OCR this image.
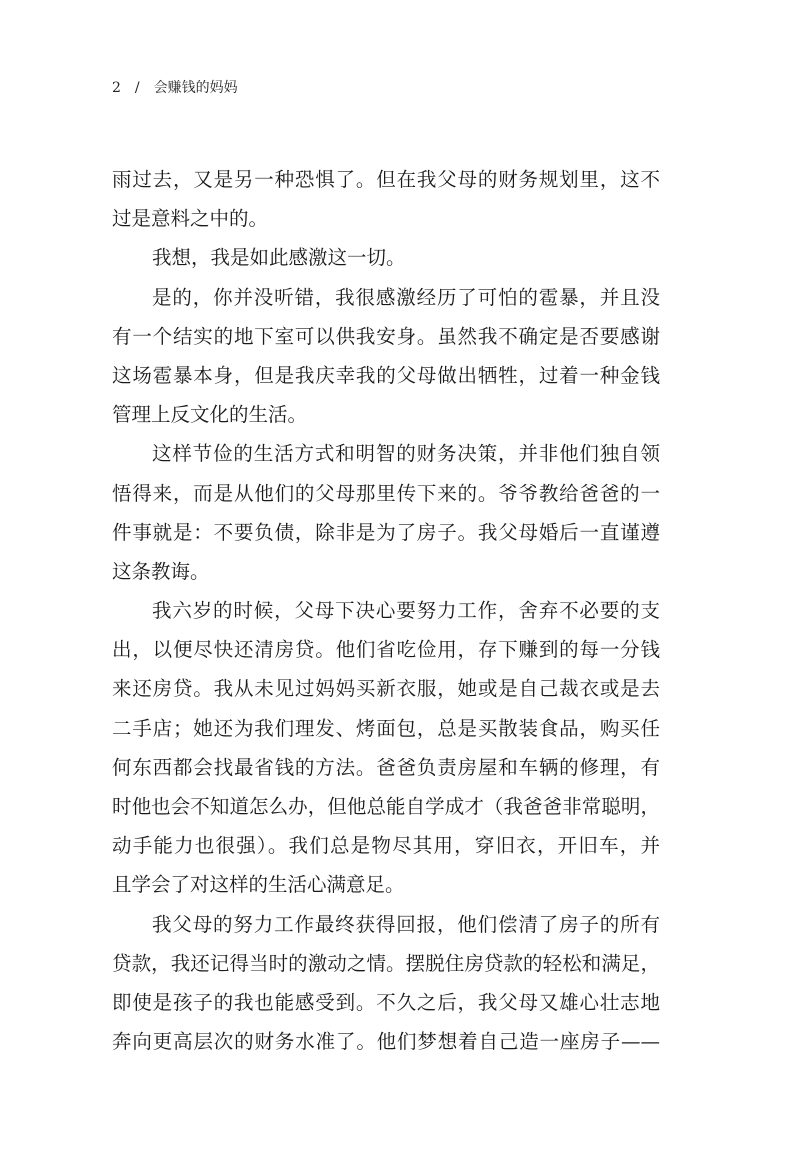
2 / 会赚钱的妈妈
雨过去，又是另一种恐惧了。但在我父母的财务规划里，这不
过是意料之中的。
我想，我是如此感激这一切。
是的，你并没听错，我很感激经历了可怕的雹暴，并且没
有一个结实的地下室可以供我安身。虽然我不确定是否要感谢
这场雹暴本身，但是我庆幸我的父母做出牺牲，过着一种金钱
管理上反文化的生活。
这样节俭的生活方式和明智的财务决策，并非他们独自领
悟得来，而是从他们的父母那里传下来的。爷爷教给爸爸的一
件事就是：不要负债，除非是为了房子。我父母婚后一直谨遵
这条教诲。
我六岁的时候，父母下决心要努力工作，舍弃不必要的支
出，以便尽快还清房贷。他们省吃俭用，存下赚到的每一分钱
来还房贷。我从未见过妈妈买新衣服，她或是自己裁衣或是去
二手店；她还为我们理发、烤面包，总是买散装食品，购买任
何东西都会找最省钱的方法。爸爸负责房屋和车辆的修理，有
时他也会不知道怎么办，但他总能自学成才（我爸爸非常聪明，
动手能力也很强）。我们总是物尽其用，穿旧衣，开旧车，并
且学会了对这样的生活心满意足。
我父母的努力工作最终获得回报，他们偿清了房子的所有
贷款，我还记得当时的激动之情。摆脱住房贷款的轻松和满足，
即使是孩子的我也能感受到。不久之后，我父母又雄心壮志地
奔向更高层次的财务水准了。他们梦想着自己造一座房子——
